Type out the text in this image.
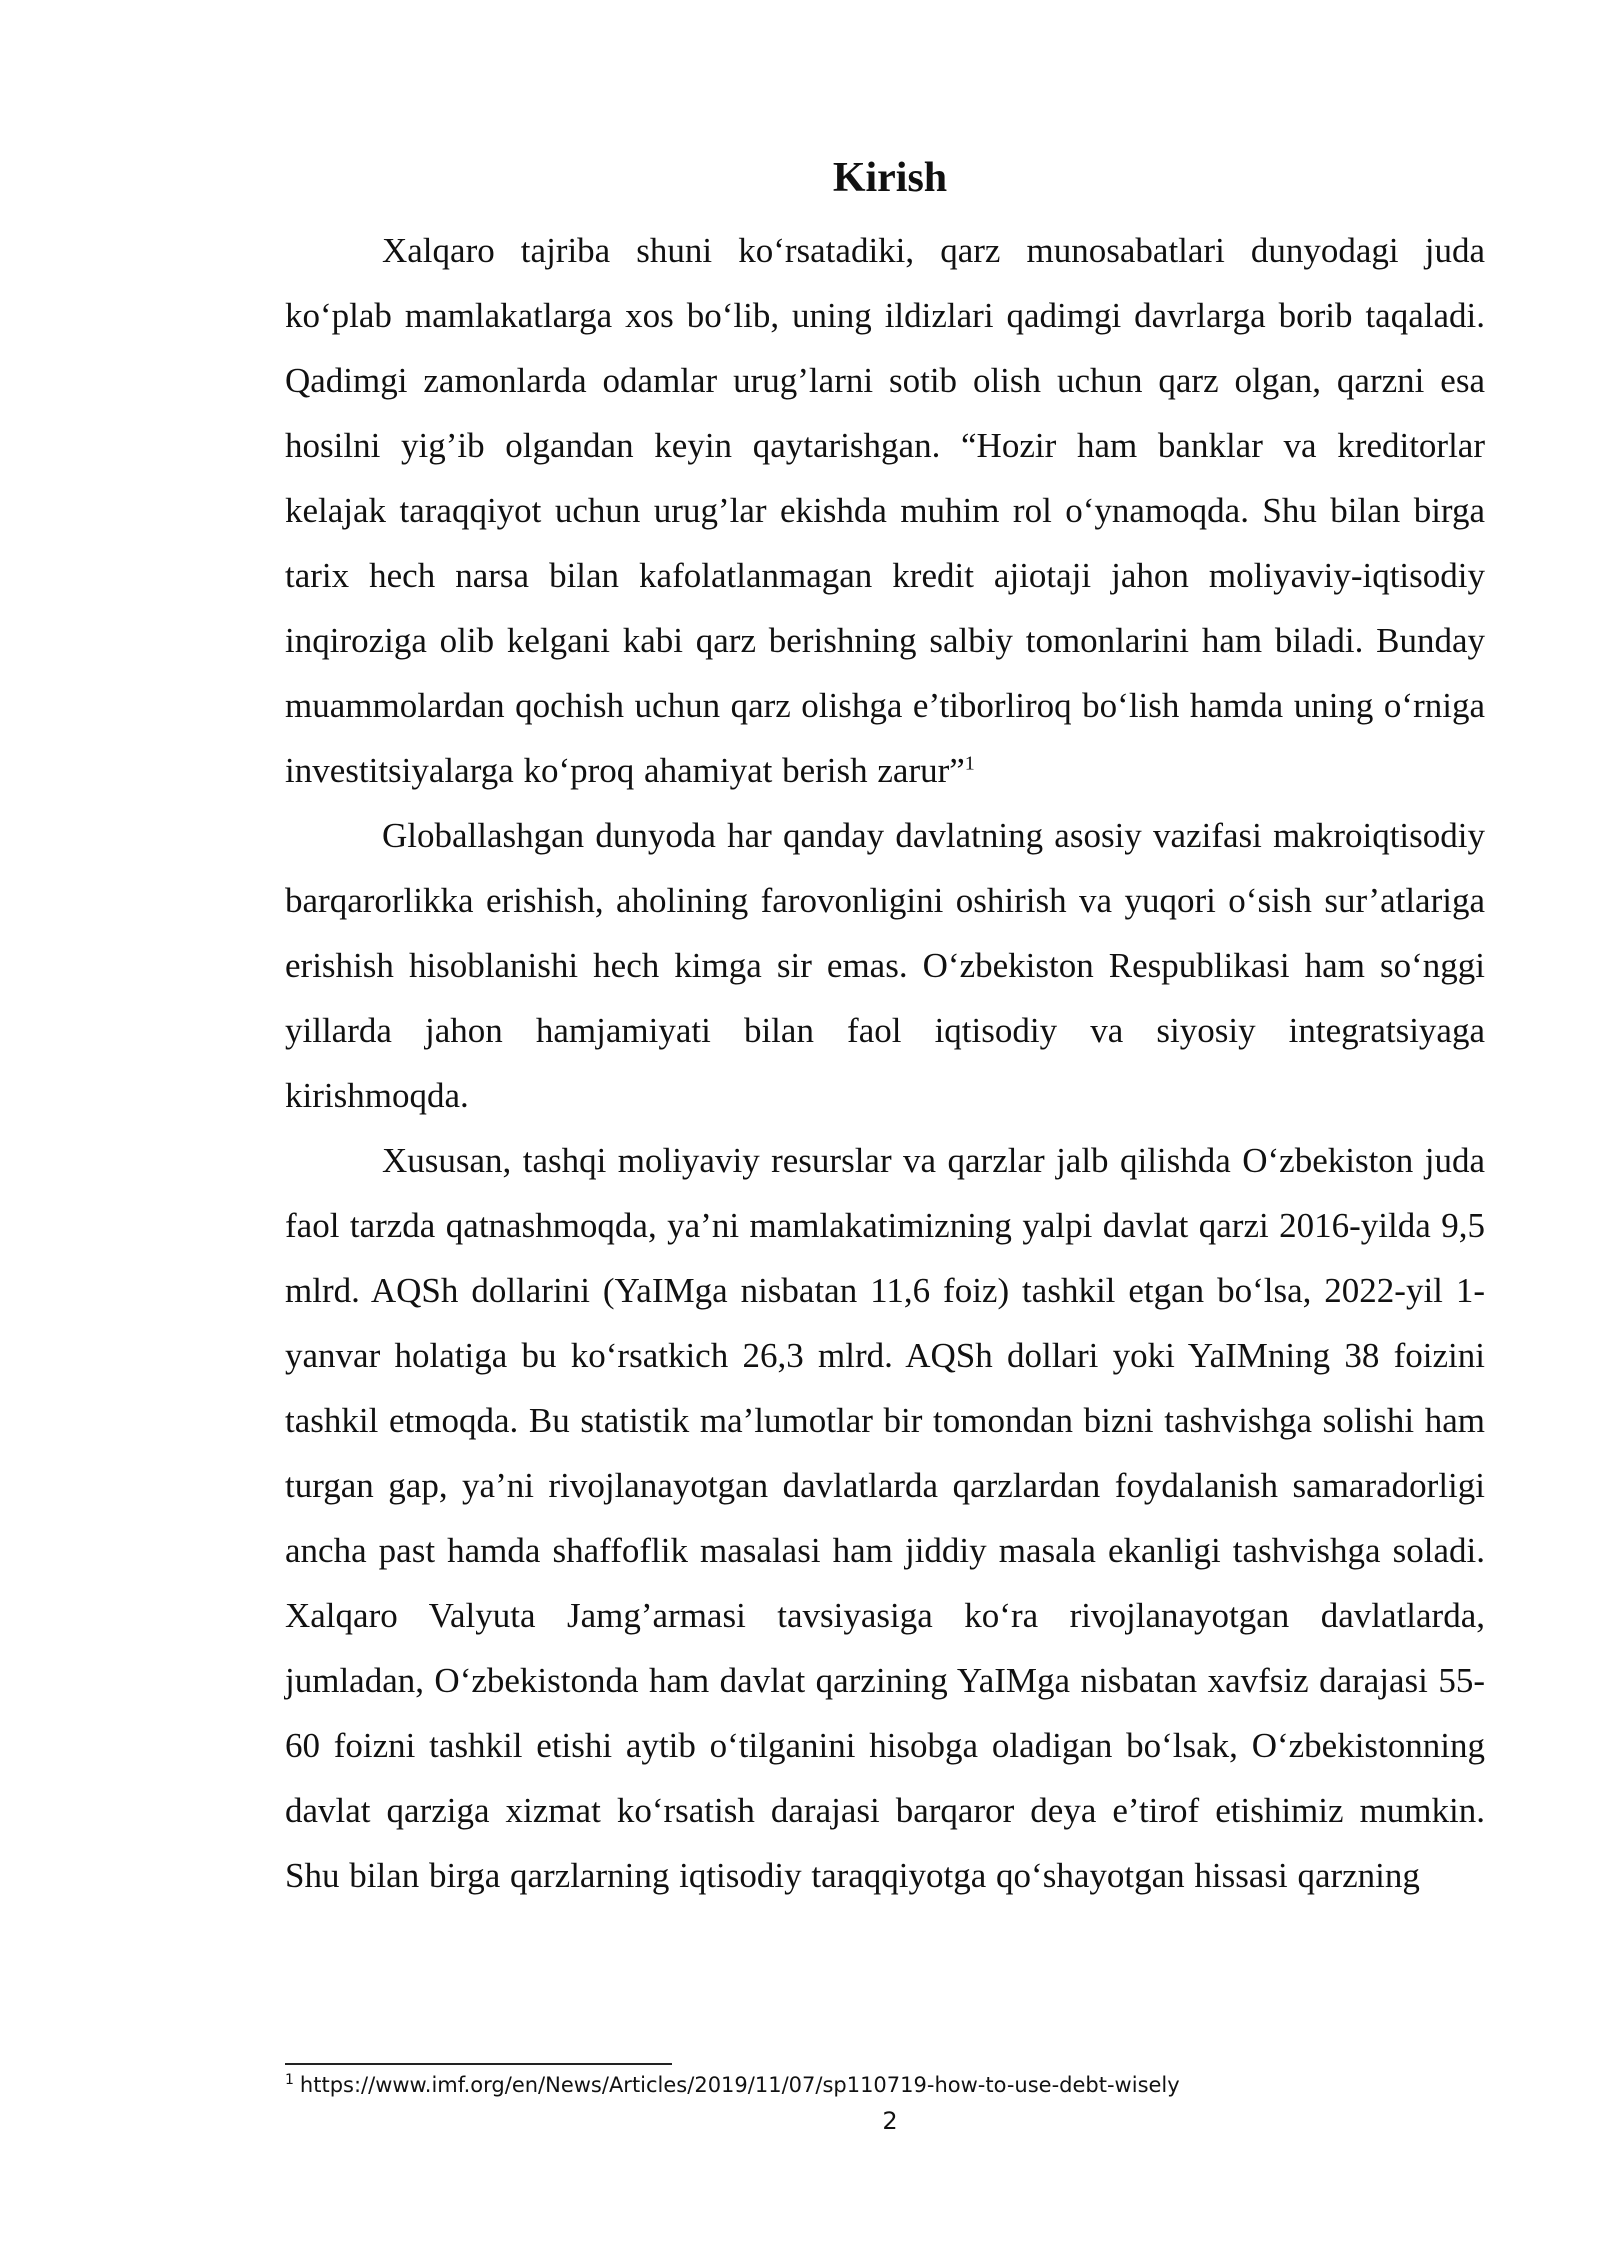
Kirish

Xalqaro tajriba shuni ko‘rsatadiki, qarz munosabatlari dunyodagi juda ko‘plab mamlakatlarga xos bo‘lib, uning ildizlari qadimgi davrlarga borib taqaladi. Qadimgi zamonlarda odamlar urug’larni sotib olish uchun qarz olgan, qarzni esa hosilni yig’ib olgandan keyin qaytarishgan. “Hozir ham banklar va kreditorlar kelajak taraqqiyot uchun urug’lar ekishda muhim rol o‘ynamoqda. Shu bilan birga tarix hech narsa bilan kafolatlanmagan kredit ajiotaji jahon moliyaviy-iqtisodiy inqiroziga olib kelgani kabi qarz berishning salbiy tomonlarini ham biladi. Bunday muammolardan qochish uchun qarz olishga e’tiborliroq bo‘lish hamda uning o‘rniga investitsiyalarga ko‘proq ahamiyat berish zarur”$^1$

Globallashgan dunyoda har qanday davlatning asosiy vazifasi makroiqtisodiy barqarorlikka erishish, aholining farovonligini oshirish va yuqori o‘sish sur’atlariga erishish hisoblanishi hech kimga sir emas. O‘zbekiston Respublikasi ham so‘nggi yillarda jahon hamjamiyati bilan faol iqtisodiy va siyosiy integratsiyaga kirishmoqda.

Xususan, tashqi moliyaviy resurslar va qarzlar jalb qilishda O‘zbekiston juda faol tarzda qatnashmoqda, ya’ni mamlakatimizning yalpi davlat qarzi 2016-yilda 9,5 mlrd. AQSh dollarini (YaIMga nisbatan 11,6 foiz) tashkil etgan bo‘lsa, 2022-yil 1-yanvar holatiga bu ko‘rsatkich 26,3 mlrd. AQSh dollari yoki YaIMning 38 foizini tashkil etmoqda. Bu statistik ma’lumotlar bir tomondan bizni tashvishga solishi ham turgan gap, ya’ni rivojlanayotgan davlatlarda qarzlardan foydalanish samaradorligi ancha past hamda shaffoflik masalasi ham jiddiy masala ekanligi tashvishga soladi. Xalqaro Valyuta Jamg’armasi tavsiyasiga ko‘ra rivojlanayotgan davlatlarda, jumladan, O‘zbekistonda ham davlat qarzining YaIMga nisbatan xavfsiz darajasi 55-60 foizni tashkil etishi aytib o‘tilganini hisobga oladigan bo‘lsak, O‘zbekistonning davlat qarziga xizmat ko‘rsatish darajasi barqaror deya e’tirof etishimiz mumkin. Shu bilan birga qarzlarning iqtisodiy taraqqiyotga qo‘shayotgan hissasi qarzning

$^1$ https://www.imf.org/en/News/Articles/2019/11/07/sp110719-how-to-use-debt-wisely
2
